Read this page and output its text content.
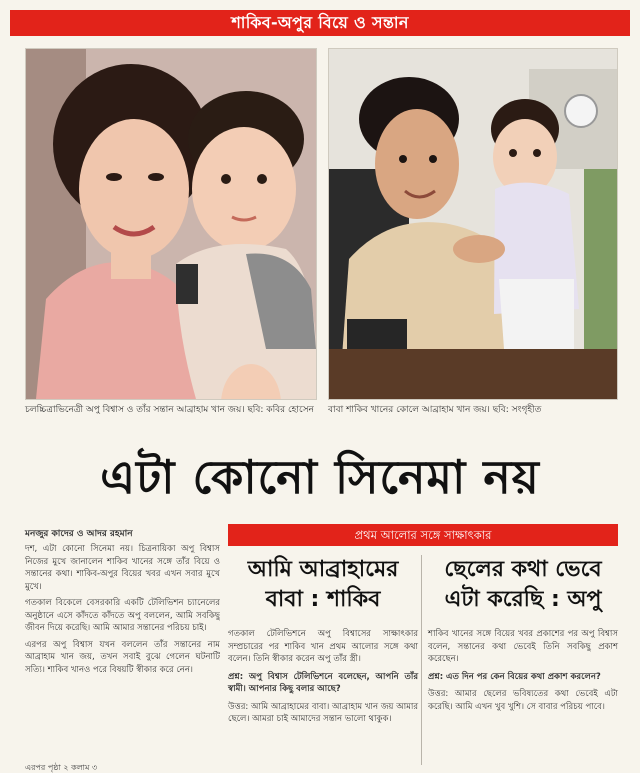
শাকিব-অপুর বিয়ে ও সন্তান
চলচ্চিত্রাভিনেত্রী অপু বিশ্বাস ও তাঁর সন্তান আব্রাহাম খান জয়। ছবি: কবির হোসেন বাবা শাকিব খানের কোলে আব্রাহাম খান জয়। ছবি: সংগৃহীত
এটা কোনো সিনেমা নয়
মনজুর কাদের ও আদর রহমান

দশ, এটা কোনো সিনেমা নয়। চিত্রনায়িকা অপু বিশ্বাস নিজের মুখে জানালেন শাকিব খানের সঙ্গে তাঁর বিয়ে ও সন্তানের কথা। শাকিব-অপুর বিয়ের খবর এখন সবার মুখে মুখে।

গতকাল বিকেলে বেসরকারি একটি টেলিভিশন চ্যানেলের অনুষ্ঠানে এসে কাঁদতে কাঁদতে অপু বললেন, আমি সবকিছু জীবন দিয়ে করেছি। আমি আমার সন্তানের পরিচয় চাই।

এরপর অপু বিশ্বাস যখন বললেন তাঁর সন্তানের নাম আব্রাহাম খান জয়, তখন সবাই বুঝে গেলেন ঘটনাটি সত্যি। শাকিব খানও পরে বিষয়টি স্বীকার করে নেন।

এরপর পৃষ্ঠা ২ কলাম ৩
প্রথম আলোর সঙ্গে সাক্ষাৎকার
আমি আব্রাহামের বাবা : শাকিব
ছেলের কথা ভেবে এটা করেছি : অপু

গতকাল টেলিভিশনে অপু বিশ্বাসের সাক্ষাৎকার সম্প্রচারের পর শাকিব খান প্রথম আলোর সঙ্গে কথা বলেন। তিনি স্বীকার করেন অপু তাঁর স্ত্রী।

প্রশ্ন: অপু বিশ্বাস টেলিভিশনে বলেছেন, আপনি তাঁর স্বামী। আপনার কিছু বলার আছে?

উত্তর: আমি আব্রাহামের বাবা। আব্রাহাম খান জয় আমার ছেলে। আমরা চাই আমাদের সন্তান ভালো থাকুক।

শাকিব খানের সঙ্গে বিয়ের খবর প্রকাশের পর অপু বিশ্বাস বলেন, সন্তানের কথা ভেবেই তিনি সবকিছু প্রকাশ করেছেন।

প্রশ্ন: এত দিন পর কেন বিয়ের কথা প্রকাশ করলেন?

উত্তর: আমার ছেলের ভবিষ্যতের কথা ভেবেই এটা করেছি। আমি এখন খুব খুশি। সে বাবার পরিচয় পাবে।
